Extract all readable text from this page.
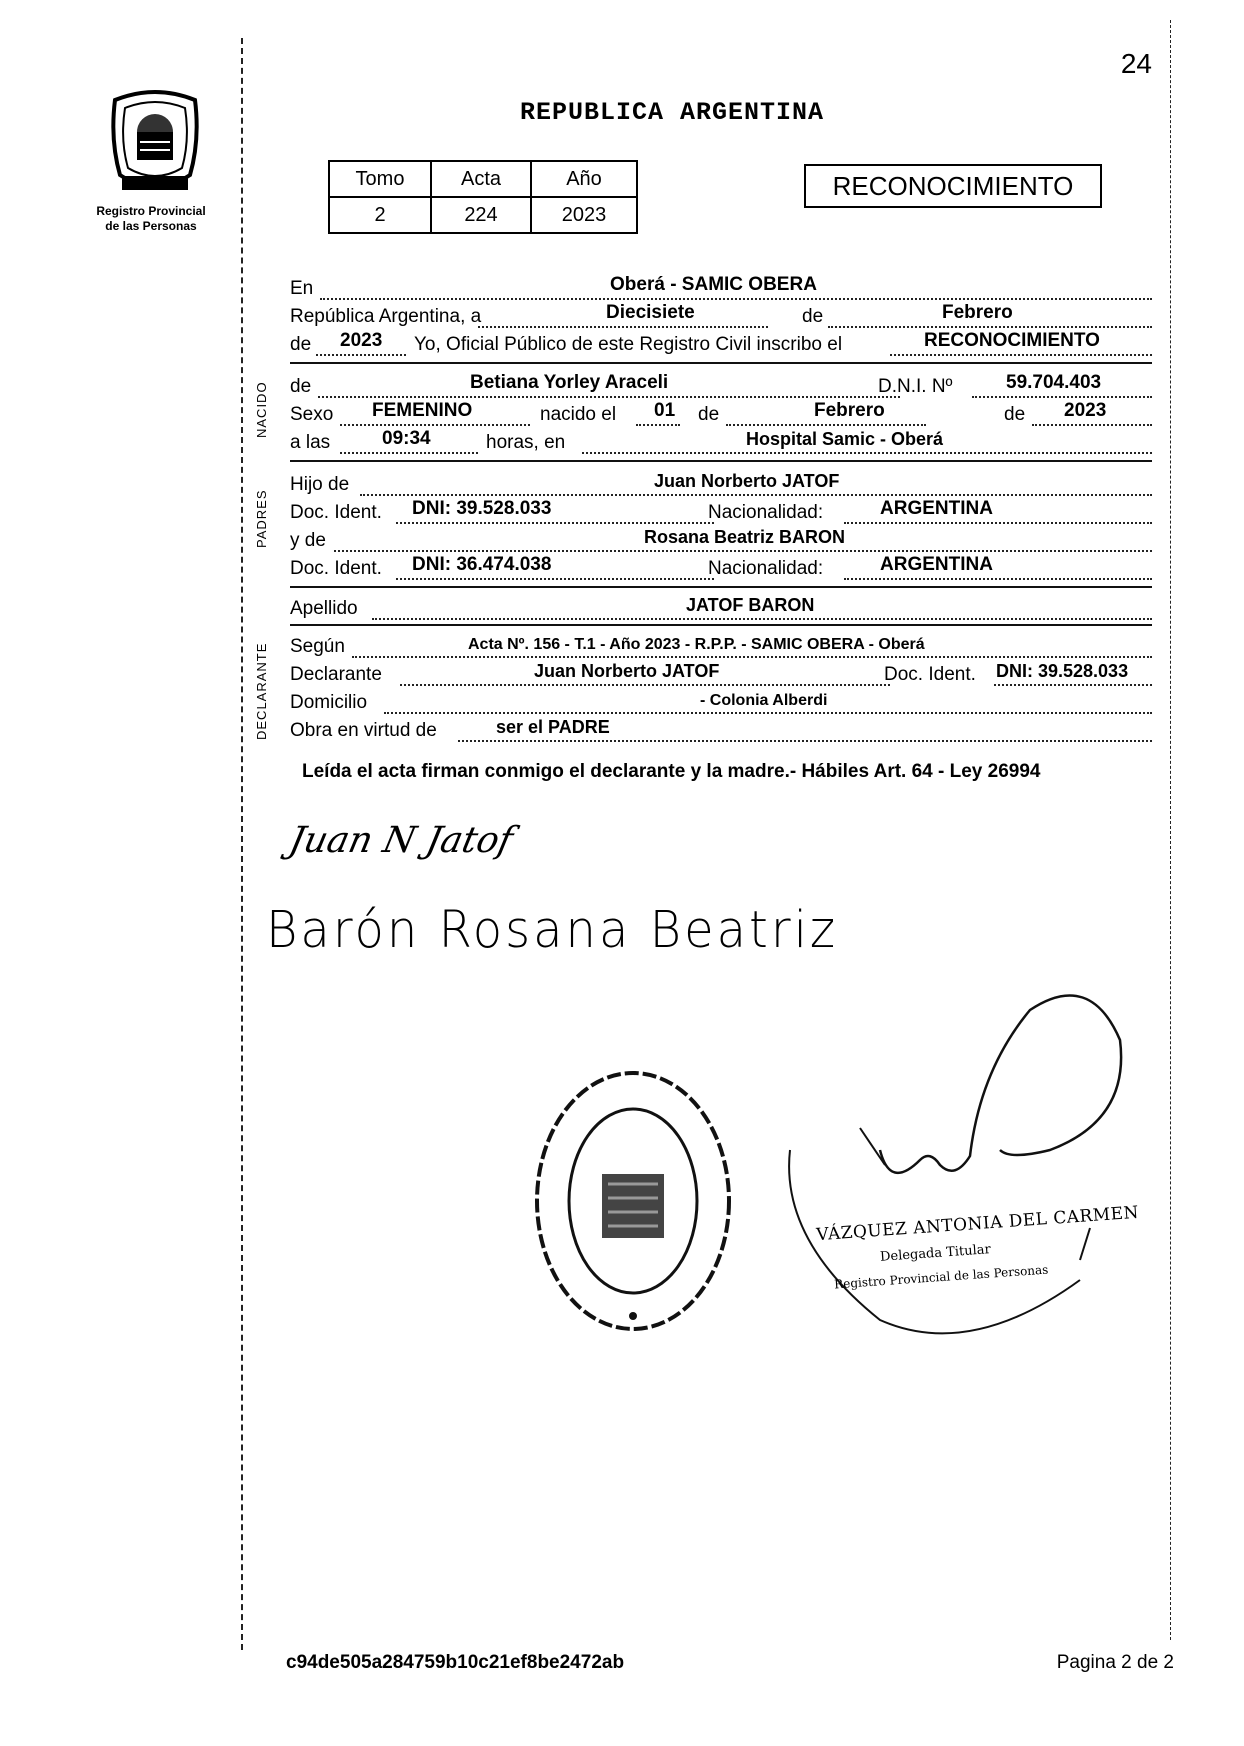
24
Registro Provincial
de las Personas
REPUBLICA ARGENTINA
Tomo	Acta	Año
2	224	2023
RECONOCIMIENTO
En	Oberá - SAMIC OBERA
República Argentina, a	Diecisiete	de	Febrero
de 2023 Yo, Oficial Público de este Registro Civil inscribo el	RECONOCIMIENTO
de	Betiana Yorley Araceli	D.N.I. Nº	59.704.403
Sexo FEMENINO	nacido el 01 de	Febrero	de 2023
a las	09:34	horas, en	Hospital Samic - Oberá
Hijo de	Juan Norberto JATOF
Doc. Ident. DNI: 39.528.033	Nacionalidad:	ARGENTINA
y de	Rosana Beatriz BARON
Doc. Ident. DNI: 36.474.038	Nacionalidad:	ARGENTINA
Apellido	JATOF BARON
Según	Acta Nº. 156 - T.1 - Año 2023 - R.P.P. - SAMIC OBERA - Oberá
Declarante	Juan Norberto JATOF	Doc. Ident. DNI: 39.528.033
Domicilio	- Colonia Alberdi
Obra en virtud de	ser el PADRE
NACIDO
PADRES
DECLARANTE
Leída el acta firman conmigo el declarante y la madre.- Hábiles Art. 64 - Ley 26994
Juan N Jatof
Barón Rosana Beatriz
VÁZQUEZ ANTONIA DEL CARMEN
Delegada Titular
Registro Provincial de las Personas
c94de505a284759b10c21ef8be2472ab	Pagina 2 de 2
